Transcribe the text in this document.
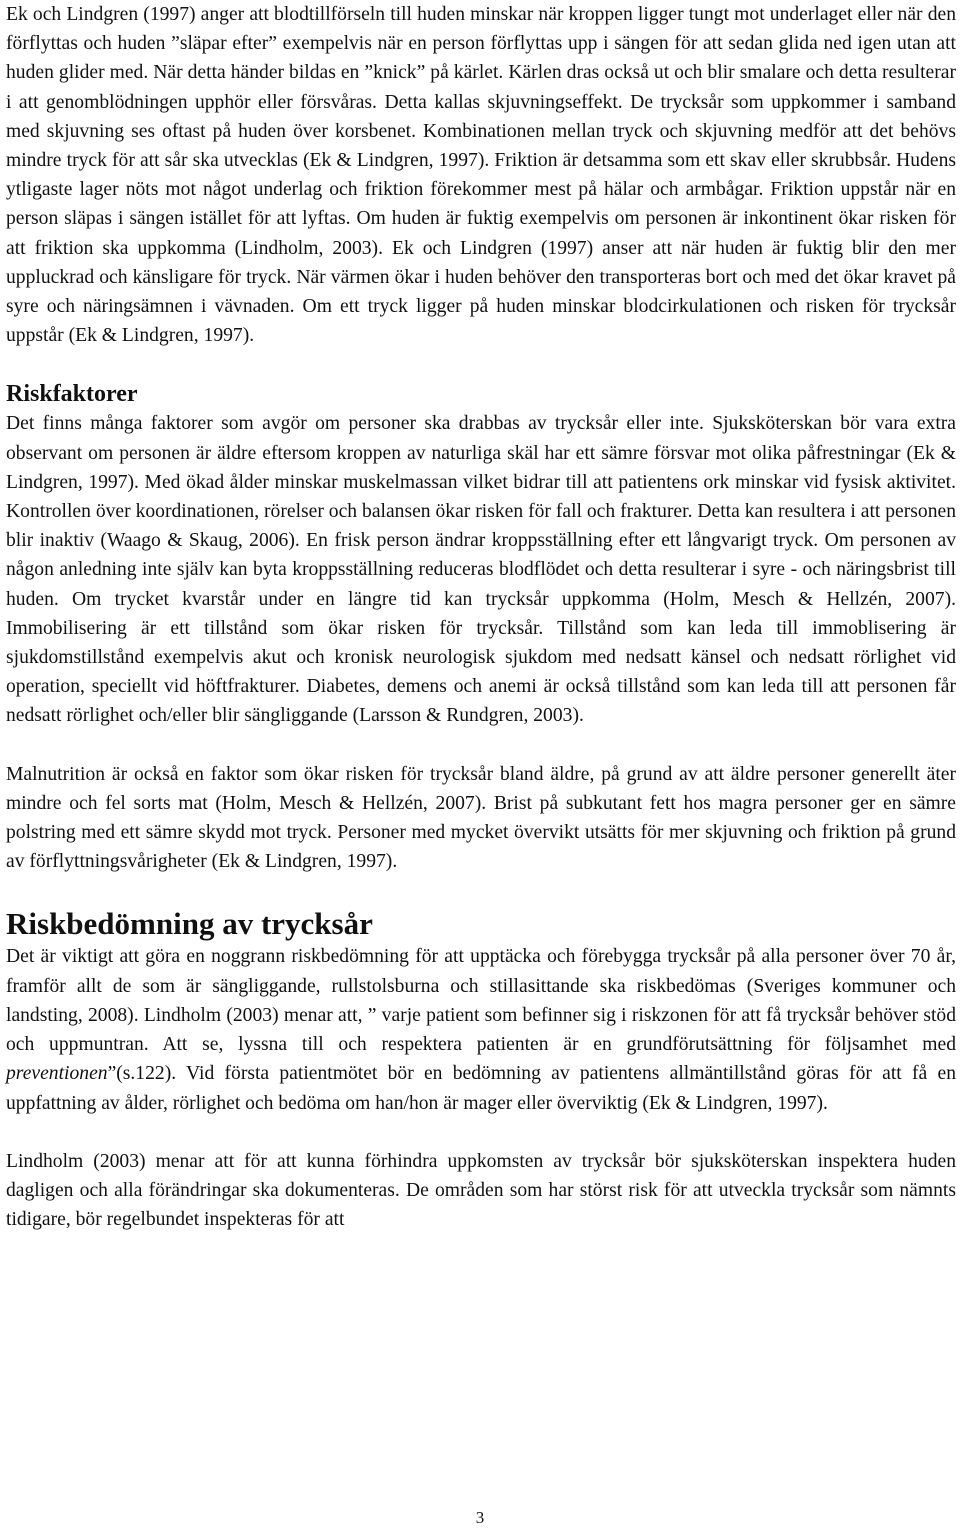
Ek och Lindgren (1997) anger att blodtillförseln till huden minskar när kroppen ligger tungt mot underlaget eller när den förflyttas och huden ”släpar efter” exempelvis när en person förflyttas upp i sängen för att sedan glida ned igen utan att huden glider med. När detta händer bildas en ”knick” på kärlet. Kärlen dras också ut och blir smalare och detta resulterar i att genomblödningen upphör eller försvåras. Detta kallas skjuvningseffekt. De trycksår som uppkommer i samband med skjuvning ses oftast på huden över korsbenet. Kombinationen mellan tryck och skjuvning medför att det behövs mindre tryck för att sår ska utvecklas (Ek & Lindgren, 1997). Friktion är detsamma som ett skav eller skrubbsår. Hudens ytligaste lager nöts mot något underlag och friktion förekommer mest på hälar och armbågar. Friktion uppstår när en person släpas i sängen istället för att lyftas. Om huden är fuktig exempelvis om personen är inkontinent ökar risken för att friktion ska uppkomma (Lindholm, 2003). Ek och Lindgren (1997) anser att när huden är fuktig blir den mer uppluckrad och känsligare för tryck. När värmen ökar i huden behöver den transporteras bort och med det ökar kravet på syre och näringsämnen i vävnaden. Om ett tryck ligger på huden minskar blodcirkulationen och risken för trycksår uppstår (Ek & Lindgren, 1997).

Riskfaktorer

Det finns många faktorer som avgör om personer ska drabbas av trycksår eller inte. Sjuksköterskan bör vara extra observant om personen är äldre eftersom kroppen av naturliga skäl har ett sämre försvar mot olika påfrestningar (Ek & Lindgren, 1997). Med ökad ålder minskar muskelmassan vilket bidrar till att patientens ork minskar vid fysisk aktivitet. Kontrollen över koordinationen, rörelser och balansen ökar risken för fall och frakturer. Detta kan resultera i att personen blir inaktiv (Waago & Skaug, 2006). En frisk person ändrar kroppsställning efter ett långvarigt tryck. Om personen av någon anledning inte själv kan byta kroppsställning reduceras blodflödet och detta resulterar i syre - och näringsbrist till huden. Om trycket kvarstår under en längre tid kan trycksår uppkomma (Holm, Mesch & Hellzén, 2007). Immobilisering är ett tillstånd som ökar risken för trycksår. Tillstånd som kan leda till immoblisering är sjukdomstillstånd exempelvis akut och kronisk neurologisk sjukdom med nedsatt känsel och nedsatt rörlighet vid operation, speciellt vid höftfrakturer. Diabetes, demens och anemi är också tillstånd som kan leda till att personen får nedsatt rörlighet och/eller blir sängliggande (Larsson & Rundgren, 2003).

Malnutrition är också en faktor som ökar risken för trycksår bland äldre, på grund av att äldre personer generellt äter mindre och fel sorts mat (Holm, Mesch & Hellzén, 2007). Brist på subkutant fett hos magra personer ger en sämre polstring med ett sämre skydd mot tryck. Personer med mycket övervikt utsätts för mer skjuvning och friktion på grund av förflyttningsvårigheter (Ek & Lindgren, 1997).

Riskbedömning av trycksår

Det är viktigt att göra en noggrann riskbedömning för att upptäcka och förebygga trycksår på alla personer över 70 år, framför allt de som är sängliggande, rullstolsburna och stillasittande ska riskbedömas (Sveriges kommuner och landsting, 2008). Lindholm (2003) menar att, ” varje patient som befinner sig i riskzonen för att få trycksår behöver stöd och uppmuntran. Att se, lyssna till och respektera patienten är en grundförutsättning för följsamhet med preventionen”(s.122). Vid första patientmötet bör en bedömning av patientens allmäntillstånd göras för att få en uppfattning av ålder, rörlighet och bedöma om han/hon är mager eller överviktig (Ek & Lindgren, 1997).

Lindholm (2003) menar att för att kunna förhindra uppkomsten av trycksår bör sjuksköterskan inspektera huden dagligen och alla förändringar ska dokumenteras. De områden som har störst risk för att utveckla trycksår som nämnts tidigare, bör regelbundet inspekteras för att

3
